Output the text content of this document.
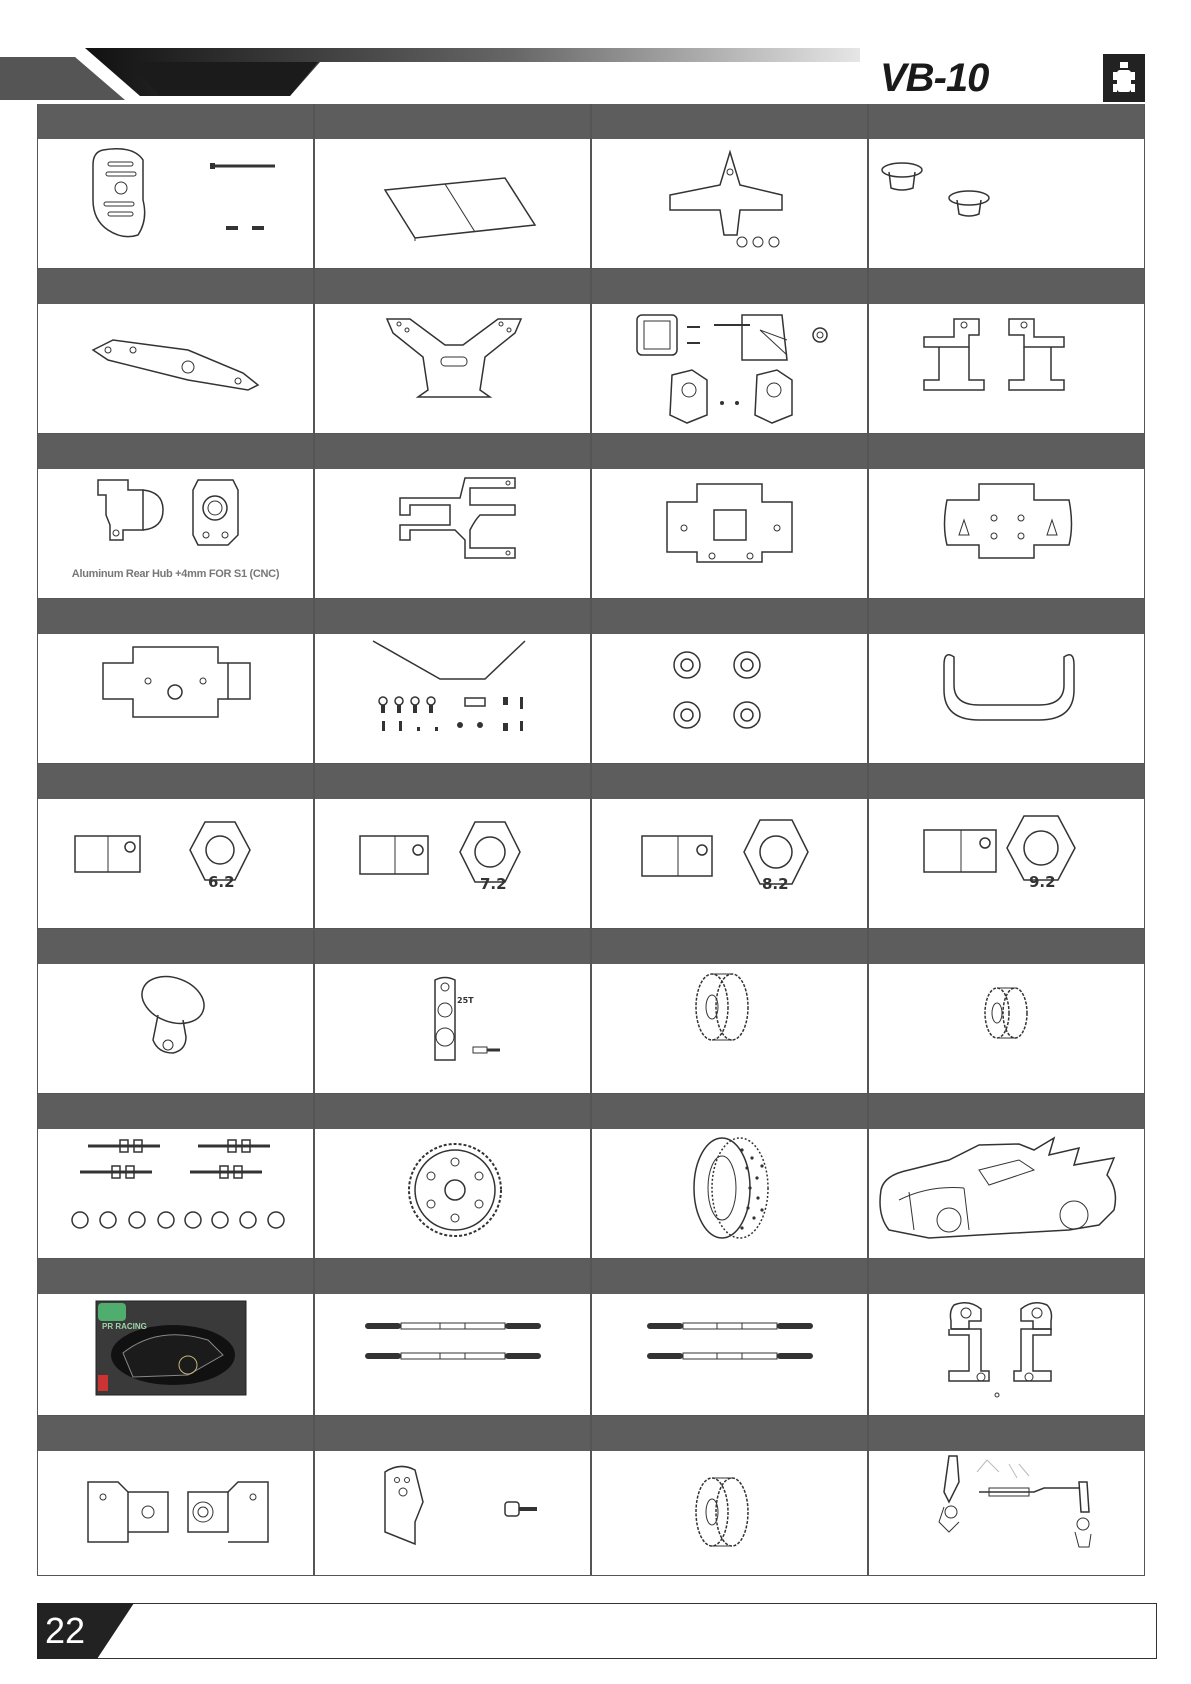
VB-10
Aluminum Rear Hub +4mm FOR S1 (CNC)
6.2	7.2	8.2	9.2
25T
PR RACING
22
